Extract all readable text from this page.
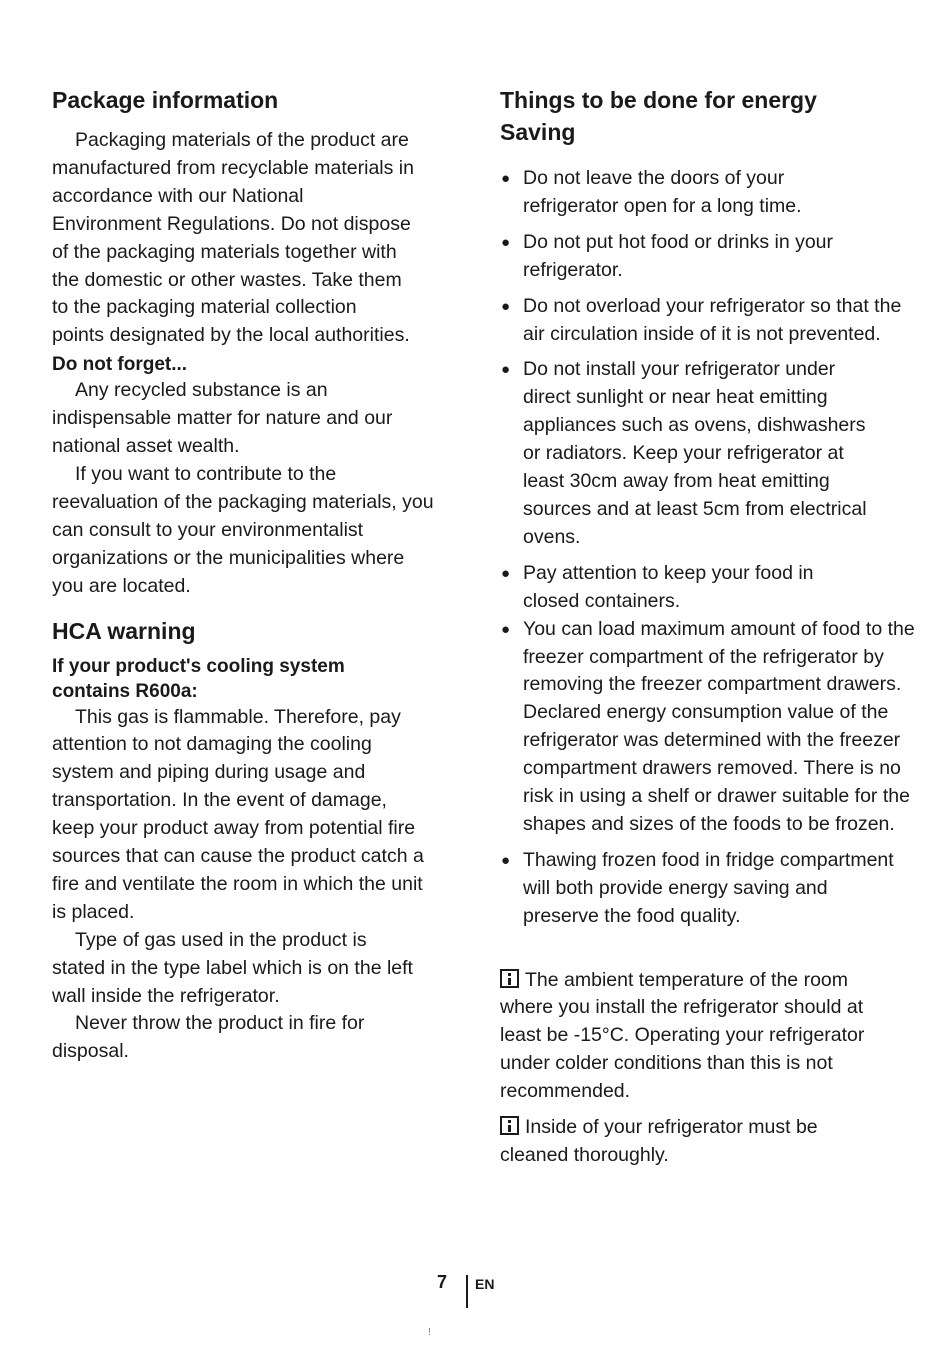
Package information

Packaging materials of the product are manufactured from recyclable materials in accordance with our National Environment Regulations. Do not dispose of the packaging materials together with the domestic or other wastes. Take them to the packaging material collection points designated by the local authorities.

Do not forget...

Any recycled substance is an indispensable matter for nature and our national asset wealth.

If you want to contribute to the reevaluation of the packaging materials, you can consult to your environmentalist organizations or the municipalities where you are located.

HCA warning

If your product's cooling system contains R600a:

This gas is flammable. Therefore, pay attention to not damaging the cooling system and piping during usage and transportation. In the event of damage, keep your product away from potential fire sources that can cause the product catch a fire and ventilate the room in which the unit is placed.

Type of gas used in the product is stated in the type label which is on the left wall inside the refrigerator.

Never throw the product in fire for disposal.

Things to be done for energy
Saving
● Do not leave the doors of your refrigerator open for a long time.
● Do not put hot food or drinks in your refrigerator.
● Do not overload your refrigerator so that the air circulation inside of it is not prevented.
● Do not install your refrigerator under direct sunlight or near heat emitting appliances such as ovens, dishwashers or radiators. Keep your refrigerator at least 30cm away from heat emitting sources and at least 5cm from electrical ovens.
● Pay attention to keep your food in closed containers.
● You can load maximum amount of food to the freezer compartment of the refrigerator by removing the freezer compartment drawers. Declared energy consumption value of the refrigerator was determined with the freezer compartment drawers removed. There is no risk in using a shelf or drawer suitable for the shapes and sizes of the foods to be frozen.
● Thawing frozen food in fridge compartment will both provide energy saving and preserve the food quality.

The ambient temperature of the room where you install the refrigerator should at least be -15°C. Operating your refrigerator under colder conditions than this is not recommended.

Inside of your refrigerator must be cleaned thoroughly.

7 EN
!
